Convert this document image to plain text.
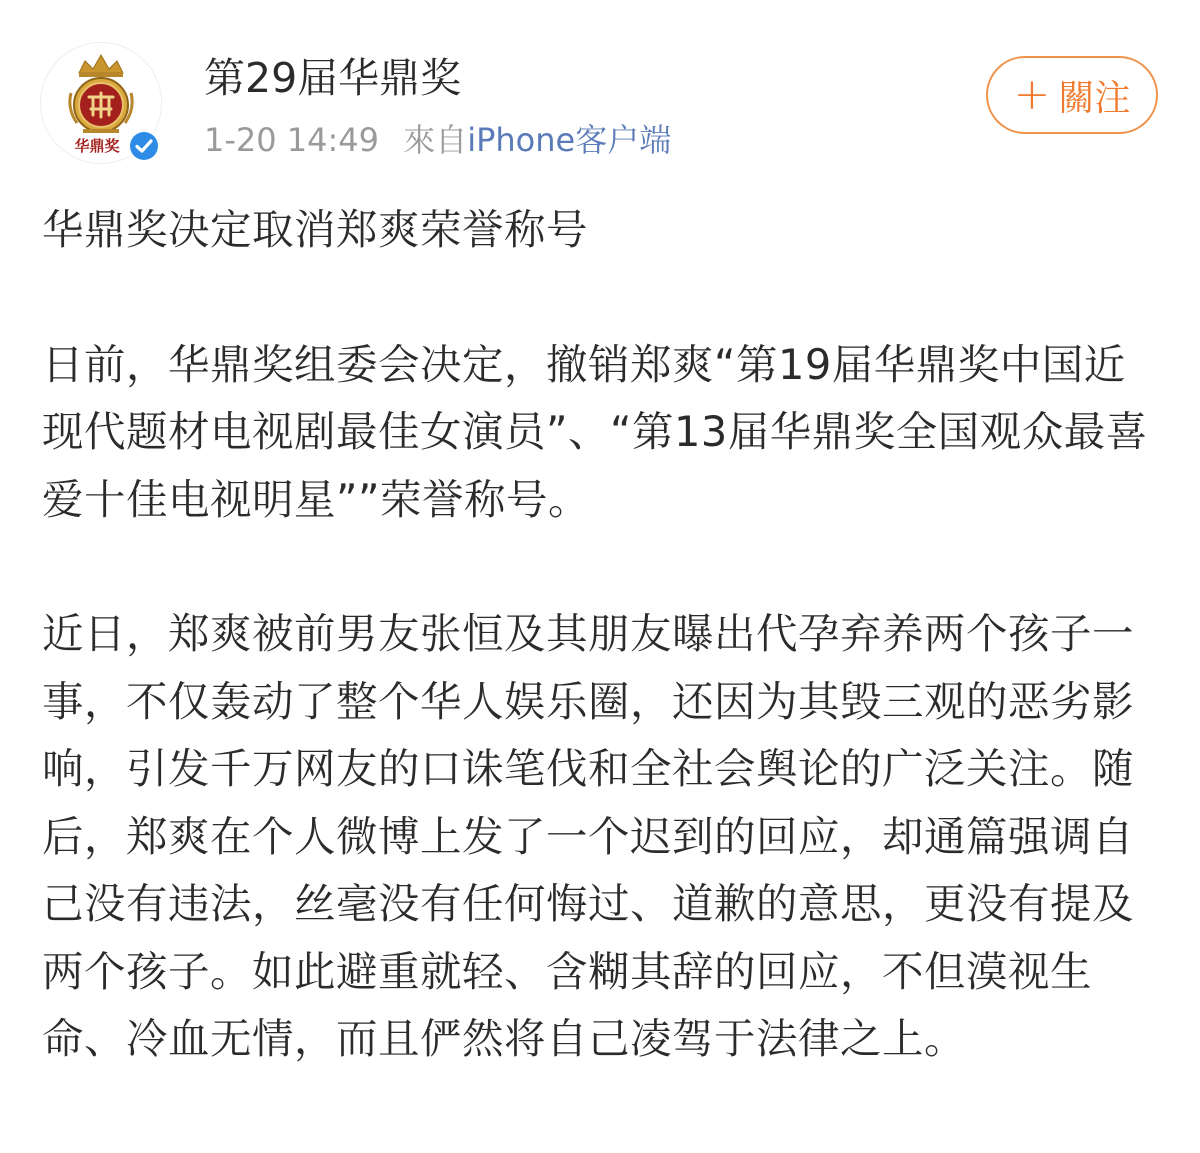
华鼎奖
第29届华鼎奖
1-20 14:49 來自iPhone客户端
+ 關注

华鼎奖决定取消郑爽荣誉称号

日前，华鼎奖组委会决定，撤销郑爽“第19届华鼎奖中国近现代题材电视剧最佳女演员”、“第13届华鼎奖全国观众最喜爱十佳电视明星””荣誉称号。

近日，郑爽被前男友张恒及其朋友曝出代孕弃养两个孩子一事，不仅轰动了整个华人娱乐圈，还因为其毁三观的恶劣影响，引发千万网友的口诛笔伐和全社会舆论的广泛关注。随后，郑爽在个人微博上发了一个迟到的回应，却通篇强调自己没有违法，丝毫没有任何悔过、道歉的意思，更没有提及两个孩子。如此避重就轻、含糊其辞的回应，不但漠视生命、冷血无情，而且俨然将自己凌驾于法律之上。
